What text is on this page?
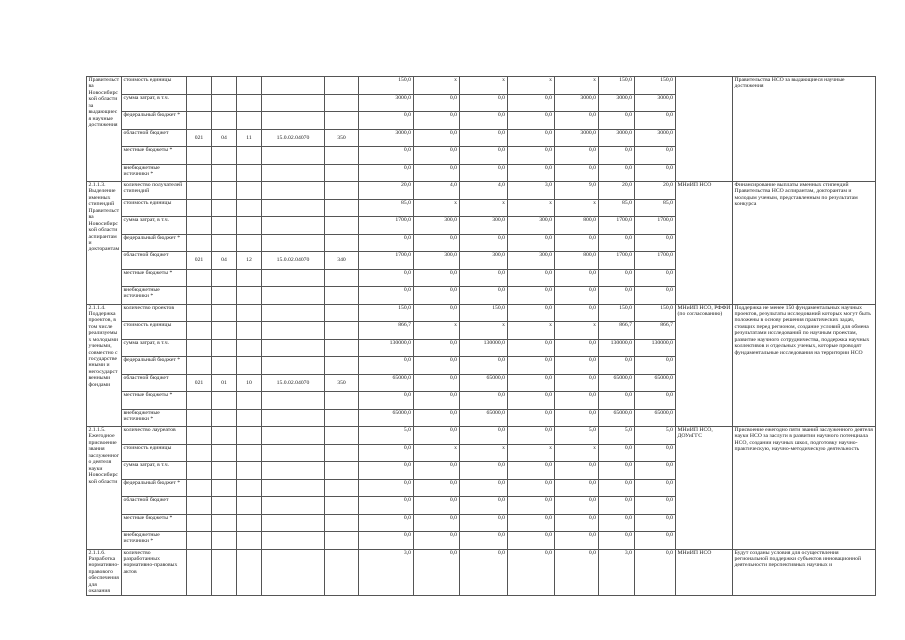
Правительства Новосибирской области за выдающиеся научные достижения	стоимость единицы						150,0	x	x	x	x	150,0	150,0		Правительства НСО за выдающиеся научные достижения
	сумма затрат, в т.ч.						3000,0	0,0	0,0	0,0	3000,0	3000,0	3000,0		
	федеральный бюджет *						0,0	0,0	0,0	0,0	0,0	0,0	0,0		
	областной бюджет	021	04	11	15.0.02.04070	350	3000,0	0,0	0,0	0,0	3000,0	3000,0	3000,0		
	местные бюджеты *						0,0	0,0	0,0	0,0	0,0	0,0	0,0		
	внебюджетные источники *						0,0	0,0	0,0	0,0	0,0	0,0	0,0		
2.1.1.3. Выделение именных стипендий Правительства Новосибирской области аспирантам и докторантам	количество получателей стипендий						20,0	4,0	4,0	3,0	9,0	20,0	20,0	МНиИП НСО	Финансирование выплаты именных стипендий Правительства НСО аспирантам, докторантам и молодым ученым, представленным по результатам конкурса
	стоимость единицы						85,0	x	x	x	x	85,0	85,0		
	сумма затрат, в т.ч.						1700,0	300,0	300,0	300,0	800,0	1700,0	1700,0		
	федеральный бюджет *						0,0	0,0	0,0	0,0	0,0	0,0	0,0		
	областной бюджет	021	04	12	15.0.02.04070	340	1700,0	300,0	300,0	300,0	800,0	1700,0	1700,0		
	местные бюджеты *						0,0	0,0	0,0	0,0	0,0	0,0	0,0		
	внебюджетные источники *						0,0	0,0	0,0	0,0	0,0	0,0	0,0		
2.1.1.4. Поддержка проектов, в том числе реализуемых молодыми учеными, совместно с государственными и негосударственными фондами	количество проектов						150,0	0,0	150,0	0,0	0,0	150,0	150,0	МНиИП НСО, РФФИ (по согласованию)	Поддержка не менее 150 фундаментальных научных проектов, результаты исследований которых могут быть положены в основу решения практических задач, стоящих перед регионом, создание условий для обмена результатами исследований по научным проектам, развитие научного сотрудничества, поддержка научных коллективов и отдельных ученых, которые проводят фундаментальные исследования на территории НСО
	стоимость единицы						866,7	x	x	x	x	866,7	866,7		
	сумма затрат, в т.ч.						130000,0	0,0	130000,0	0,0	0,0	130000,0	130000,0		
	федеральный бюджет *						0,0	0,0	0,0	0,0	0,0	0,0	0,0		
	областной бюджет	021	01	10	15.0.02.04070	350	65000,0	0,0	65000,0	0,0	0,0	65000,0	65000,0		
	местные бюджеты *						0,0	0,0	0,0	0,0	0,0	0,0	0,0		
	внебюджетные источники *						65000,0	0,0	65000,0	0,0	0,0	65000,0	65000,0		
2.1.1.5. Ежегодное присвоение звания заслуженного деятеля науки Новосибирской области	количество лауреатов						5,0	0,0	0,0	0,0	5,0	5,0	5,0	МНиИП НСО, ДОУиГГС	Присвоение ежегодно пяти званий заслуженного деятеля науки НСО за заслуги в развитии научного потенциала НСО, создании научных школ, подготовку научно-практическую, научно-методическую деятельность
	стоимость единицы						0,0	x	x	x	x	0,0	0,0		
	сумма затрат, в т.ч.						0,0	0,0	0,0	0,0	0,0	0,0	0,0		
	федеральный бюджет *						0,0	0,0	0,0	0,0	0,0	0,0	0,0		
	областной бюджет						0,0	0,0	0,0	0,0	0,0	0,0	0,0		
	местные бюджеты *						0,0	0,0	0,0	0,0	0,0	0,0	0,0		
	внебюджетные источники *						0,0	0,0	0,0	0,0	0,0	0,0	0,0		
2.1.1.6. Разработка нормативно-правового обеспечения для оказания	количество разработанных нормативно-правовых актов						3,0	0,0	0,0	0,0	0,0	3,0	0,0	МНиИП НСО	Будут созданы условия для осуществления региональной поддержки субъектов инновационной деятельности перспективных научных и
